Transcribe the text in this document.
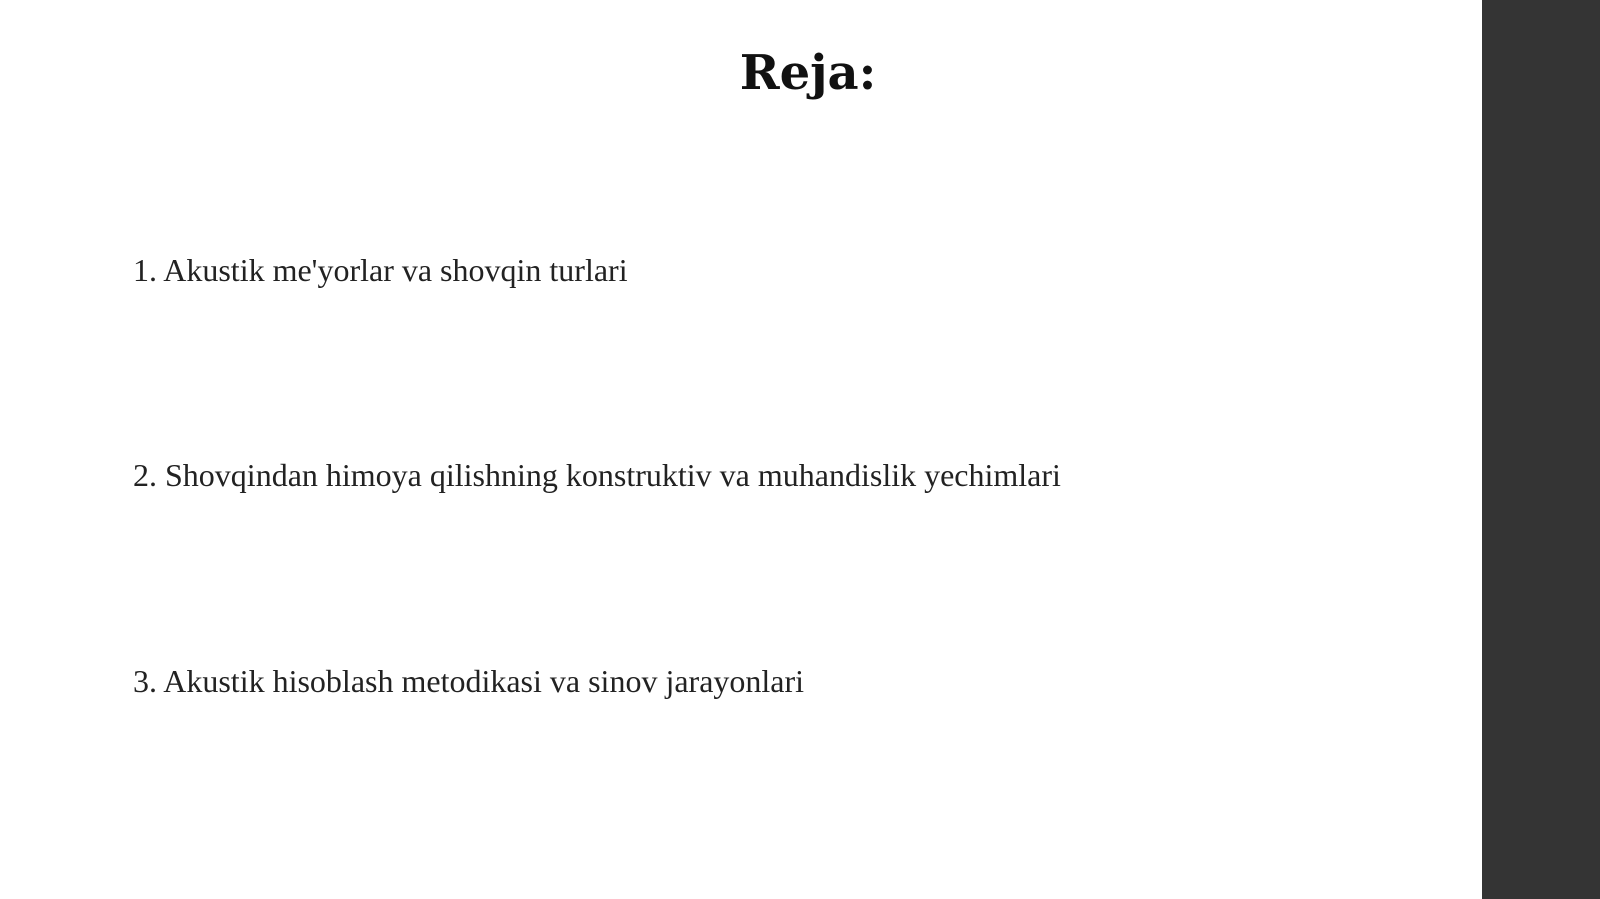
Reja:
1. Akustik me'yorlar va shovqin turlari
2. Shovqindan himoya qilishning konstruktiv va muhandislik yechimlari
3. Akustik hisoblash metodikasi va sinov jarayonlari
